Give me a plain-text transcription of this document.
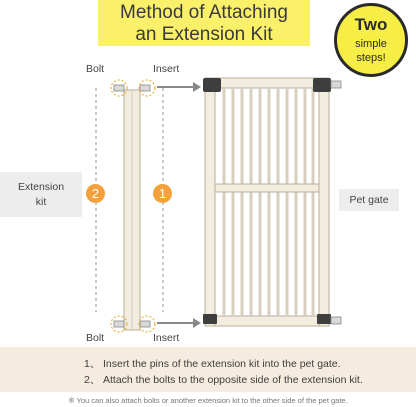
Method of Attaching
an Extension Kit	Two
simple
steps!
Bolt	Insert
Bolt	Insert
Extension
kit	Pet gate
2	1
1、 Insert the pins of the extension kit into the pet gate.
2、 Attach the bolts to the opposite side of the extension kit.
※ You can also attach bolts or another extension kit to the other side of the pet gate.
